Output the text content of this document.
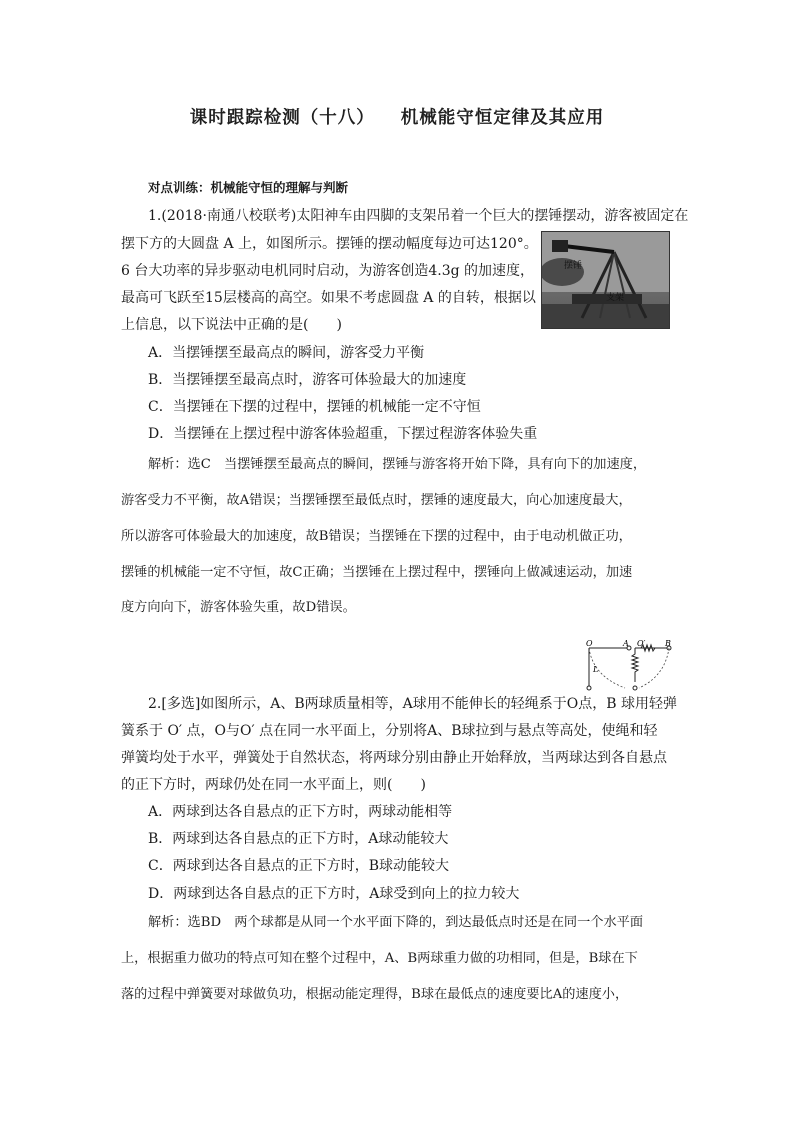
课时跟踪检测（十八） 机械能守恒定律及其应用
对点训练：机械能守恒的理解与判断
1.(2018·南通八校联考)太阳神车由四脚的支架吊着一个巨大的摆锤摆动，游客被固定在
摆下方的大圆盘 A 上，如图所示。摆锤的摆动幅度每边可达120°。
6 台大功率的异步驱动电机同时启动，为游客创造4.3g 的加速度，
最高可飞跃至15层楼高的高空。如果不考虑圆盘 A 的自转，根据以
上信息，以下说法中正确的是(　　)
摆锤
支架
A．当摆锤摆至最高点的瞬间，游客受力平衡
B．当摆锤摆至最高点时，游客可体验最大的加速度
C．当摆锤在下摆的过程中，摆锤的机械能一定不守恒
D．当摆锤在上摆过程中游客体验超重，下摆过程游客体验失重
解析：选C　当摆锤摆至最高点的瞬间，摆锤与游客将开始下降，具有向下的加速度，
游客受力不平衡，故A错误；当摆锤摆至最低点时，摆锤的速度最大，向心加速度最大，
所以游客可体验最大的加速度，故B错误；当摆锤在下摆的过程中，由于电动机做正功，
摆锤的机械能一定不守恒，故C正确；当摆锤在上摆过程中，摆锤向上做减速运动，加速
度方向向下，游客体验失重，故D错误。
O	A O′ B
L
2.[多选]如图所示，A、B两球质量相等，A球用不能伸长的轻绳系于O点，B 球用轻弹
簧系于 O′ 点，O与O′ 点在同一水平面上，分别将A、B球拉到与悬点等高处，使绳和轻
弹簧均处于水平，弹簧处于自然状态，将两球分别由静止开始释放，当两球达到各自悬点
的正下方时，两球仍处在同一水平面上，则(　　)
A．两球到达各自悬点的正下方时，两球动能相等
B．两球到达各自悬点的正下方时，A球动能较大
C．两球到达各自悬点的正下方时，B球动能较大
D．两球到达各自悬点的正下方时，A球受到向上的拉力较大
解析：选BD　两个球都是从同一个水平面下降的，到达最低点时还是在同一个水平面
上，根据重力做功的特点可知在整个过程中，A、B两球重力做的功相同，但是，B球在下
落的过程中弹簧要对球做负功，根据动能定理得，B球在最低点的速度要比A的速度小，
